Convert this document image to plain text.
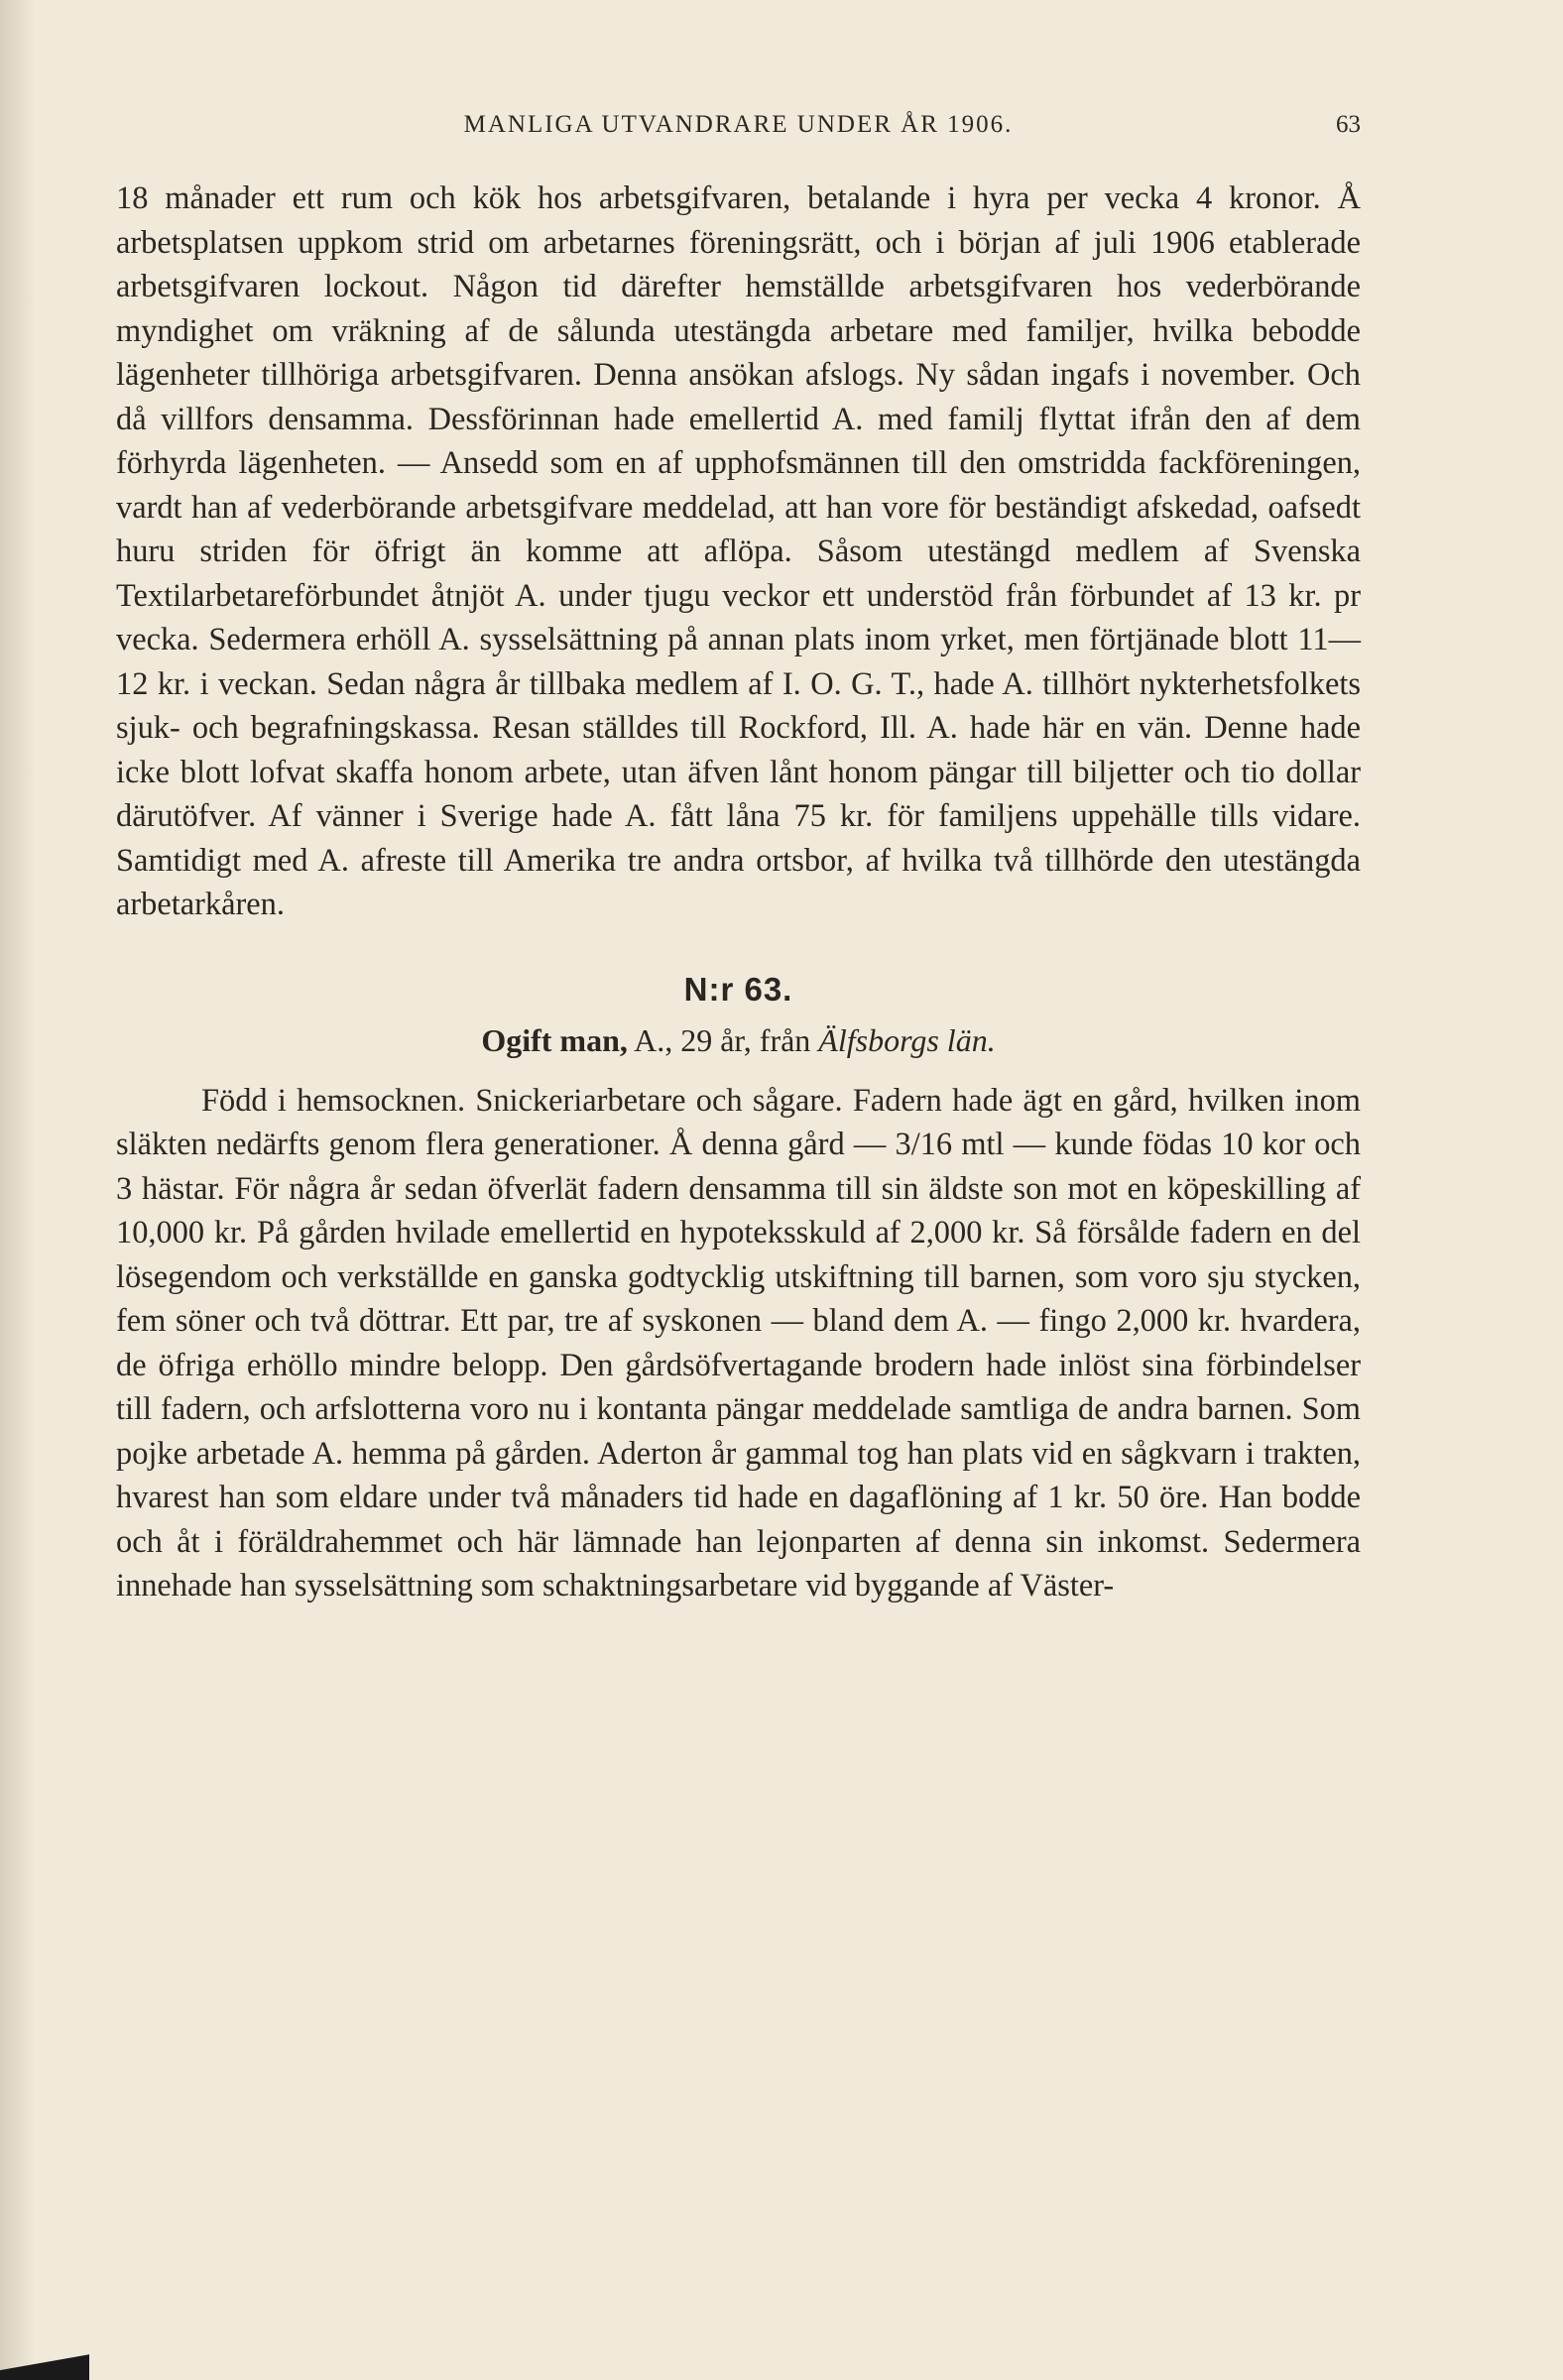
MANLIGA UTVANDRARE UNDER ÅR 1906.	63

18 månader ett rum och kök hos arbetsgifvaren, betalande i hyra per vecka 4 kronor. Å arbetsplatsen uppkom strid om arbetarnes föreningsrätt, och i början af juli 1906 etablerade arbetsgifvaren lockout. Någon tid därefter hemställde arbetsgifvaren hos vederbörande myndighet om vräkning af de sålunda utestängda arbetare med familjer, hvilka bebodde lägenheter tillhöriga arbetsgifvaren. Denna ansökan afslogs. Ny sådan ingafs i november. Och då villfors densamma. Dessförinnan hade emellertid A. med familj flyttat ifrån den af dem förhyrda lägenheten. — Ansedd som en af upphofsmännen till den omstridda fackföreningen, vardt han af vederbörande arbetsgifvare meddelad, att han vore för beständigt afskedad, oafsedt huru striden för öfrigt än komme att aflöpa. Såsom utestängd medlem af Svenska Textilarbetareförbundet åtnjöt A. under tjugu veckor ett understöd från förbundet af 13 kr. pr vecka. Sedermera erhöll A. sysselsättning på annan plats inom yrket, men förtjänade blott 11—12 kr. i veckan. Sedan några år tillbaka medlem af I. O. G. T., hade A. tillhört nykterhetsfolkets sjuk- och begrafningskassa. Resan ställdes till Rockford, Ill. A. hade här en vän. Denne hade icke blott lofvat skaffa honom arbete, utan äfven lånt honom pängar till biljetter och tio dollar därutöfver. Af vänner i Sverige hade A. fått låna 75 kr. för familjens uppehälle tills vidare. Samtidigt med A. afreste till Amerika tre andra ortsbor, af hvilka två tillhörde den utestängda arbetarkåren.

N:r 63.

Ogift man, A., 29 år, från Älfsborgs län.

Född i hemsocknen. Snickeriarbetare och sågare. Fadern hade ägt en gård, hvilken inom släkten nedärfts genom flera generationer. Å denna gård — 3/16 mtl — kunde födas 10 kor och 3 hästar. För några år sedan öfverlät fadern densamma till sin äldste son mot en köpeskilling af 10,000 kr. På gården hvilade emellertid en hypoteksskuld af 2,000 kr. Så försålde fadern en del lösegendom och verkställde en ganska godtycklig utskiftning till barnen, som voro sju stycken, fem söner och två döttrar. Ett par, tre af syskonen — bland dem A. — fingo 2,000 kr. hvardera, de öfriga erhöllo mindre belopp. Den gårdsöfvertagande brodern hade inlöst sina förbindelser till fadern, och arfslotterna voro nu i kontanta pängar meddelade samtliga de andra barnen. Som pojke arbetade A. hemma på gården. Aderton år gammal tog han plats vid en sågkvarn i trakten, hvarest han som eldare under två månaders tid hade en dagaflöning af 1 kr. 50 öre. Han bodde och åt i föräldrahemmet och här lämnade han lejonparten af denna sin inkomst. Sedermera innehade han sysselsättning som schaktningsarbetare vid byggande af Väster-
